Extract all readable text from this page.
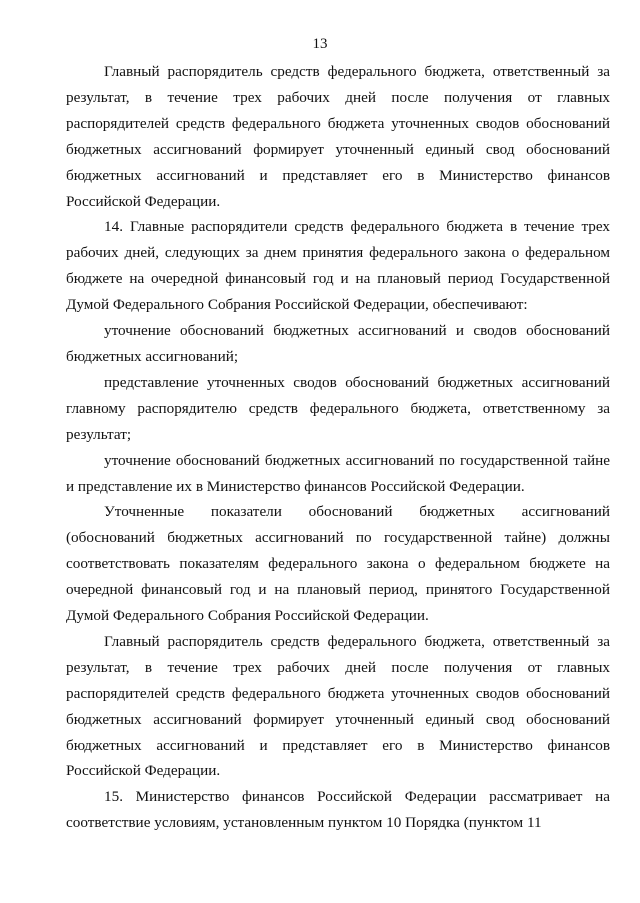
13

Главный распорядитель средств федерального бюджета, ответственный за результат, в течение трех рабочих дней после получения от главных распорядителей средств федерального бюджета уточненных сводов обоснований бюджетных ассигнований формирует уточненный единый свод обоснований бюджетных ассигнований и представляет его в Министерство финансов Российской Федерации.

14. Главные распорядители средств федерального бюджета в течение трех рабочих дней, следующих за днем принятия федерального закона о федеральном бюджете на очередной финансовый год и на плановый период Государственной Думой Федерального Собрания Российской Федерации, обеспечивают:

уточнение обоснований бюджетных ассигнований и сводов обоснований бюджетных ассигнований;

представление уточненных сводов обоснований бюджетных ассигнований главному распорядителю средств федерального бюджета, ответственному за результат;

уточнение обоснований бюджетных ассигнований по государственной тайне и представление их в Министерство финансов Российской Федерации.

Уточненные показатели обоснований бюджетных ассигнований (обоснований бюджетных ассигнований по государственной тайне) должны соответствовать показателям федерального закона о федеральном бюджете на очередной финансовый год и на плановый период, принятого Государственной Думой Федерального Собрания Российской Федерации.

Главный распорядитель средств федерального бюджета, ответственный за результат, в течение трех рабочих дней после получения от главных распорядителей средств федерального бюджета уточненных сводов обоснований бюджетных ассигнований формирует уточненный единый свод обоснований бюджетных ассигнований и представляет его в Министерство финансов Российской Федерации.

15. Министерство финансов Российской Федерации рассматривает на соответствие условиям, установленным пунктом 10 Порядка (пунктом 11
